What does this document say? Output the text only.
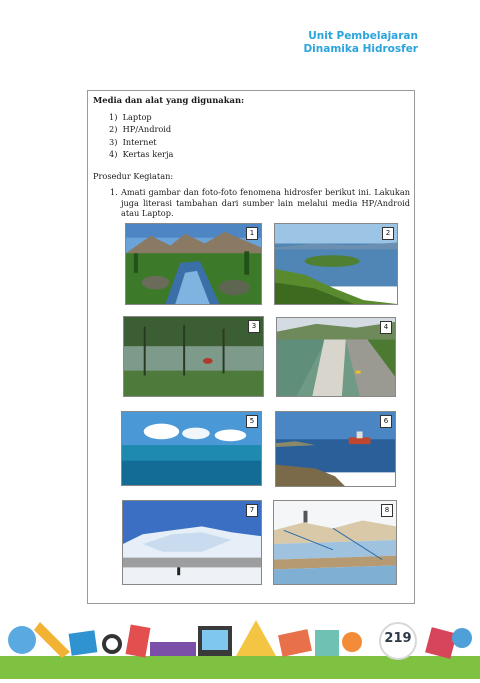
Unit Pembelajaran
Dinamika Hidrosfer
Media dan alat yang digunakan:
1) Laptop
2) HP/Android
3) Internet
4) Kertas kerja
Prosedur Kegiatan:
1. Amati gambar dan foto-foto fenomena hidrosfer berikut ini. Lakukan juga literasi tambahan dari sumber lain melalui media HP/Android atau Laptop.
1	2
3	4
5	6
7	8
219
